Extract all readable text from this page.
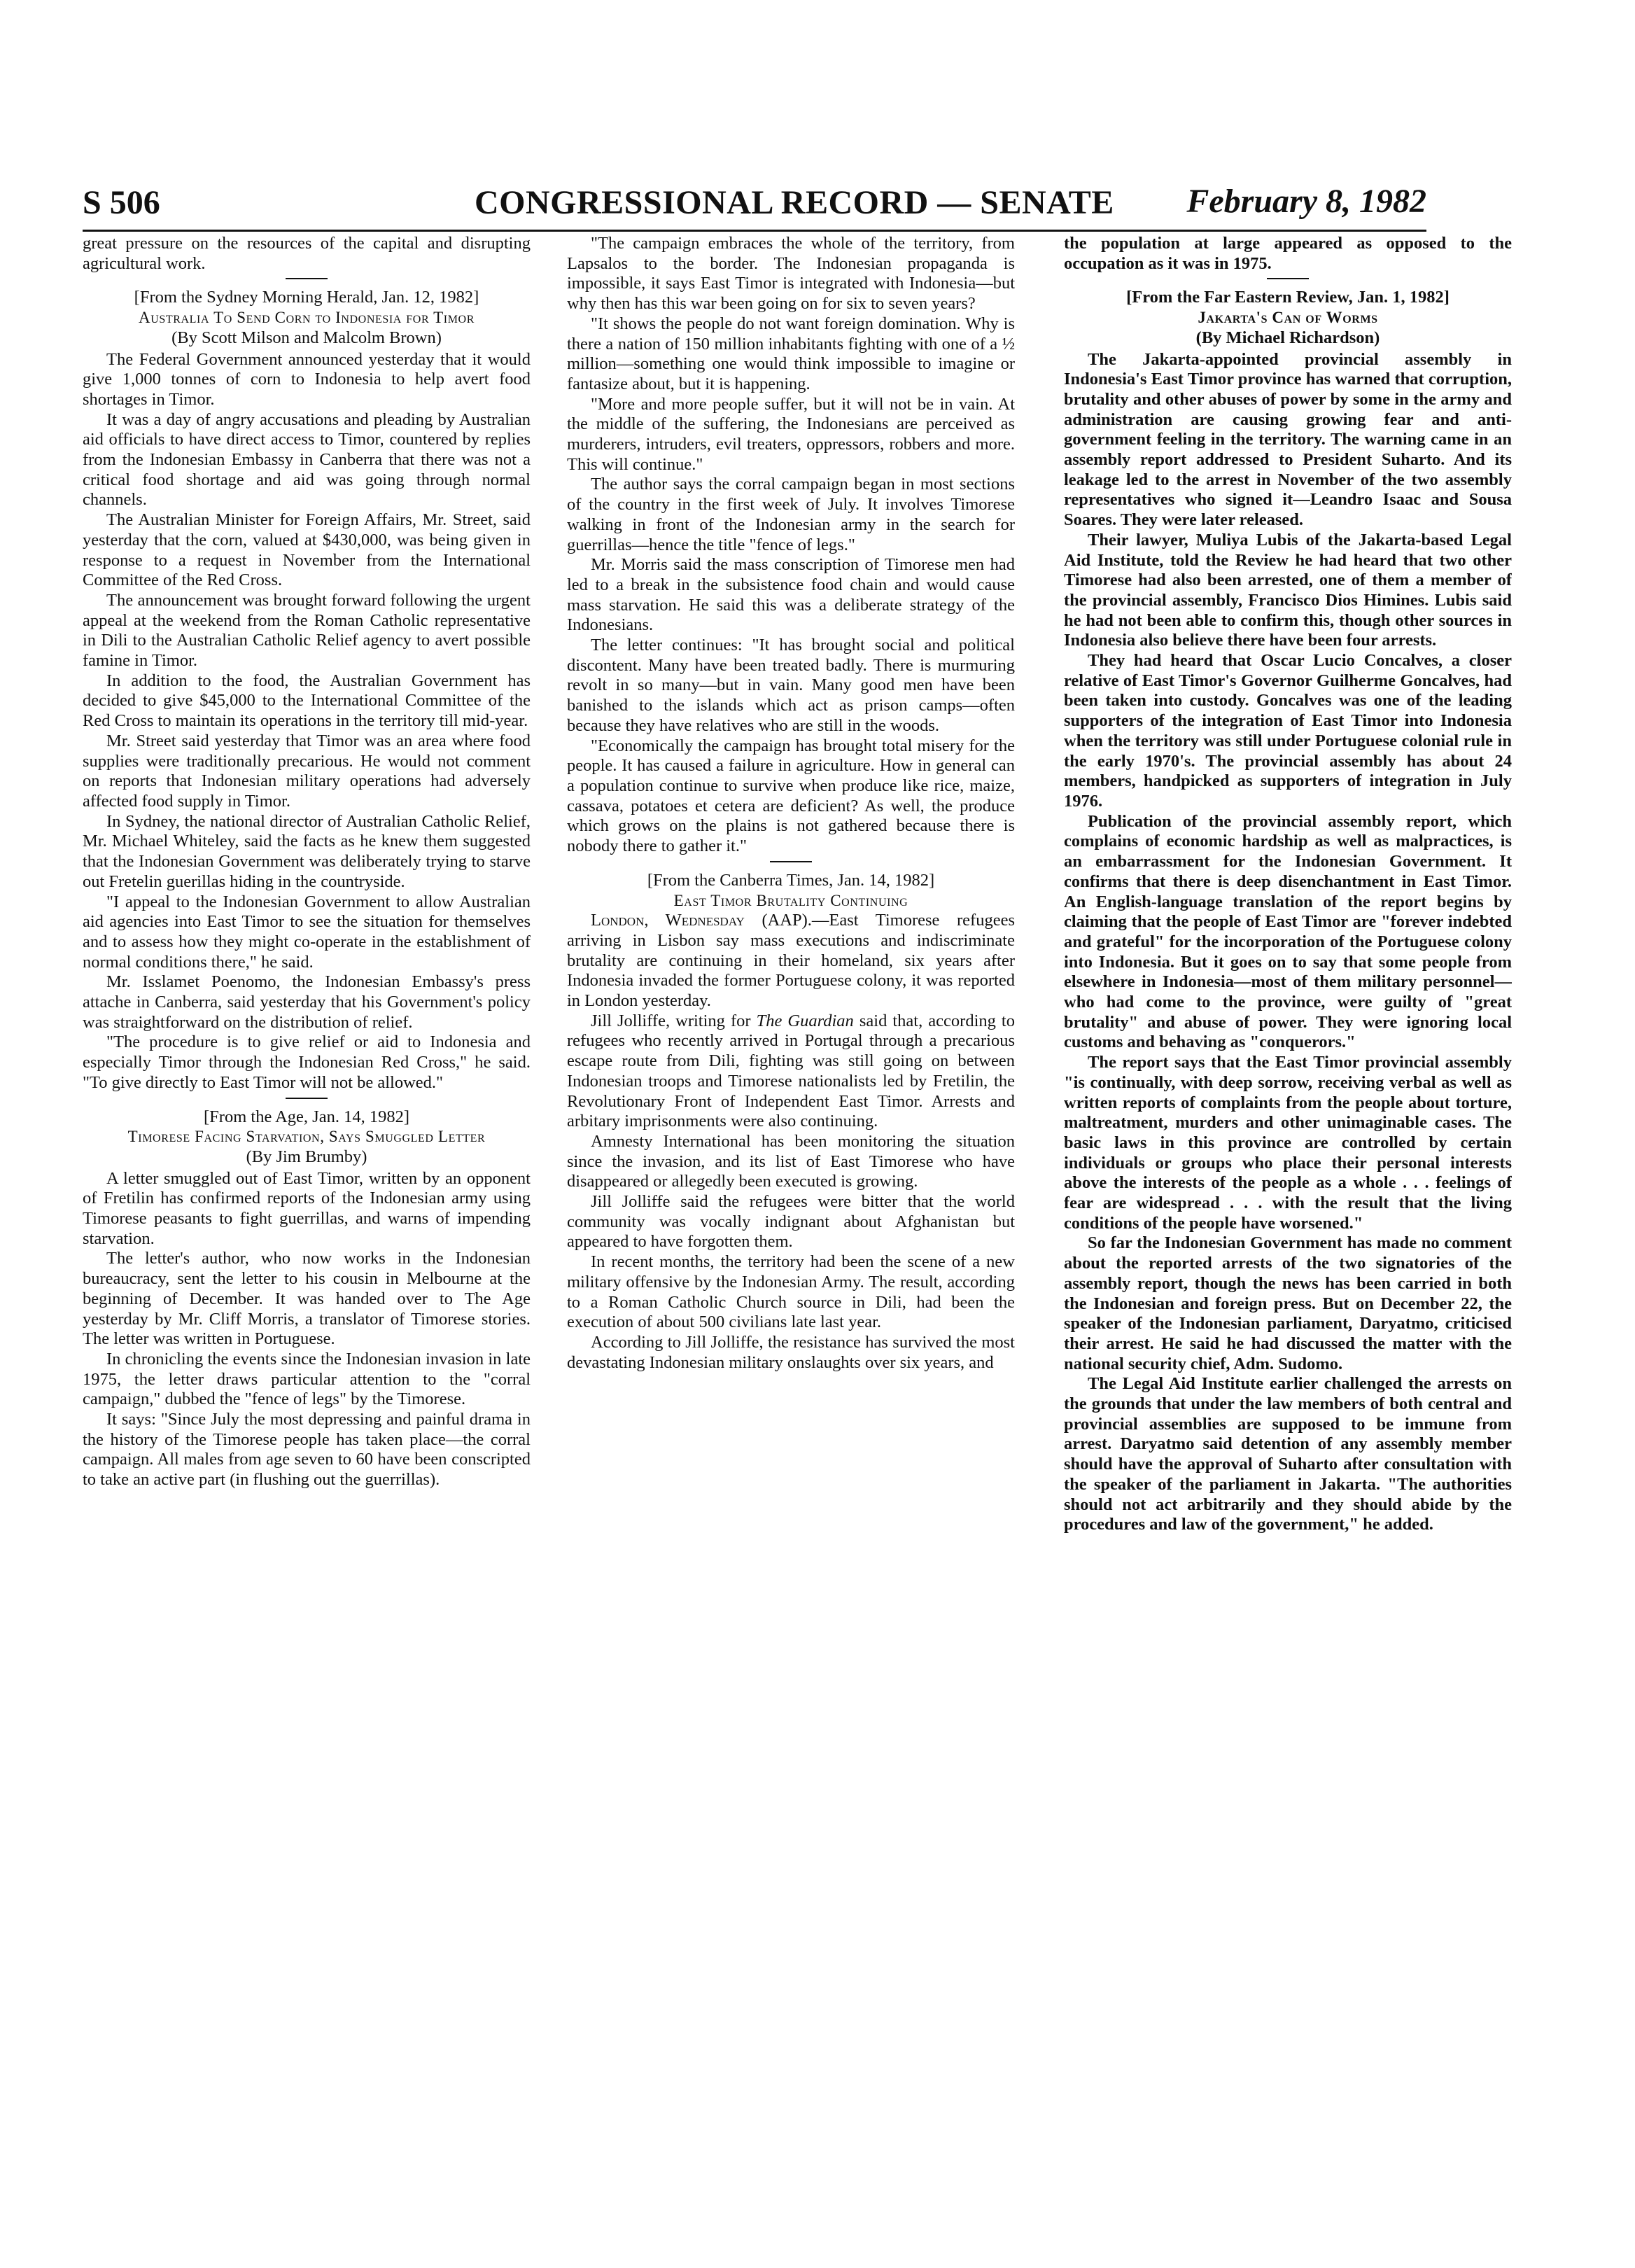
S 506	CONGRESSIONAL RECORD — SENATE February 8, 1982

great pressure on the resources of the capital and disrupting agricultural work.

[From the Sydney Morning Herald, Jan. 12, 1982]

Australia To Send Corn to Indonesia for Timor

(By Scott Milson and Malcolm Brown)

The Federal Government announced yesterday that it would give 1,000 tonnes of corn to Indonesia to help avert food shortages in Timor.

It was a day of angry accusations and pleading by Australian aid officials to have direct access to Timor, countered by replies from the Indonesian Embassy in Canberra that there was not a critical food shortage and aid was going through normal channels.

The Australian Minister for Foreign Affairs, Mr. Street, said yesterday that the corn, valued at $430,000, was being given in response to a request in November from the International Committee of the Red Cross.

The announcement was brought forward following the urgent appeal at the weekend from the Roman Catholic representative in Dili to the Australian Catholic Relief agency to avert possible famine in Timor.

In addition to the food, the Australian Government has decided to give $45,000 to the International Committee of the Red Cross to maintain its operations in the territory till mid-year.

Mr. Street said yesterday that Timor was an area where food supplies were traditionally precarious. He would not comment on reports that Indonesian military operations had adversely affected food supply in Timor.

In Sydney, the national director of Australian Catholic Relief, Mr. Michael Whiteley, said the facts as he knew them suggested that the Indonesian Government was deliberately trying to starve out Fretelin guerillas hiding in the countryside.

"I appeal to the Indonesian Government to allow Australian aid agencies into East Timor to see the situation for themselves and to assess how they might co-operate in the establishment of normal conditions there," he said.

Mr. Isslamet Poenomo, the Indonesian Embassy's press attache in Canberra, said yesterday that his Government's policy was straightforward on the distribution of relief.

"The procedure is to give relief or aid to Indonesia and especially Timor through the Indonesian Red Cross," he said. "To give directly to East Timor will not be allowed."

[From the Age, Jan. 14, 1982]

Timorese Facing Starvation, Says Smuggled Letter

(By Jim Brumby)

A letter smuggled out of East Timor, written by an opponent of Fretilin has confirmed reports of the Indonesian army using Timorese peasants to fight guerrillas, and warns of impending starvation.

The letter's author, who now works in the Indonesian bureaucracy, sent the letter to his cousin in Melbourne at the beginning of December. It was handed over to The Age yesterday by Mr. Cliff Morris, a translator of Timorese stories. The letter was written in Portuguese.

In chronicling the events since the Indonesian invasion in late 1975, the letter draws particular attention to the "corral campaign," dubbed the "fence of legs" by the Timorese.

It says: "Since July the most depressing and painful drama in the history of the Timorese people has taken place—the corral campaign. All males from age seven to 60 have been conscripted to take an active part (in flushing out the guerrillas).

"The campaign embraces the whole of the territory, from Lapsalos to the border. The Indonesian propaganda is impossible, it says East Timor is integrated with Indonesia—but why then has this war been going on for six to seven years?

"It shows the people do not want foreign domination. Why is there a nation of 150 million inhabitants fighting with one of a ½ million—something one would think impossible to imagine or fantasize about, but it is happening.

"More and more people suffer, but it will not be in vain. At the middle of the suffering, the Indonesians are perceived as murderers, intruders, evil treaters, oppressors, robbers and more. This will continue."

The author says the corral campaign began in most sections of the country in the first week of July. It involves Timorese walking in front of the Indonesian army in the search for guerrillas—hence the title "fence of legs."

Mr. Morris said the mass conscription of Timorese men had led to a break in the subsistence food chain and would cause mass starvation. He said this was a deliberate strategy of the Indonesians.

The letter continues: "It has brought social and political discontent. Many have been treated badly. There is murmuring revolt in so many—but in vain. Many good men have been banished to the islands which act as prison camps—often because they have relatives who are still in the woods.

"Economically the campaign has brought total misery for the people. It has caused a failure in agriculture. How in general can a population continue to survive when produce like rice, maize, cassava, potatoes et cetera are deficient? As well, the produce which grows on the plains is not gathered because there is nobody there to gather it."

[From the Canberra Times, Jan. 14, 1982]

East Timor Brutality Continuing

London, Wednesday (AAP).—East Timorese refugees arriving in Lisbon say mass executions and indiscriminate brutality are continuing in their homeland, six years after Indonesia invaded the former Portuguese colony, it was reported in London yesterday.

Jill Jolliffe, writing for The Guardian said that, according to refugees who recently arrived in Portugal through a precarious escape route from Dili, fighting was still going on between Indonesian troops and Timorese nationalists led by Fretilin, the Revolutionary Front of Independent East Timor. Arrests and arbitary imprisonments were also continuing.

Amnesty International has been monitoring the situation since the invasion, and its list of East Timorese who have disappeared or allegedly been executed is growing.

Jill Jolliffe said the refugees were bitter that the world community was vocally indignant about Afghanistan but appeared to have forgotten them.

In recent months, the territory had been the scene of a new military offensive by the Indonesian Army. The result, according to a Roman Catholic Church source in Dili, had been the execution of about 500 civilians late last year.

According to Jill Jolliffe, the resistance has survived the most devastating Indonesian military onslaughts over six years, and

the population at large appeared as opposed to the occupation as it was in 1975.

[From the Far Eastern Review, Jan. 1, 1982]

Jakarta's Can of Worms

(By Michael Richardson)

The Jakarta-appointed provincial assembly in Indonesia's East Timor province has warned that corruption, brutality and other abuses of power by some in the army and administration are causing growing fear and anti-government feeling in the territory. The warning came in an assembly report addressed to President Suharto. And its leakage led to the arrest in November of the two assembly representatives who signed it—Leandro Isaac and Sousa Soares. They were later released.

Their lawyer, Muliya Lubis of the Jakarta-based Legal Aid Institute, told the Review he had heard that two other Timorese had also been arrested, one of them a member of the provincial assembly, Francisco Dios Himines. Lubis said he had not been able to confirm this, though other sources in Indonesia also believe there have been four arrests.

They had heard that Oscar Lucio Concalves, a closer relative of East Timor's Governor Guilherme Goncalves, had been taken into custody. Goncalves was one of the leading supporters of the integration of East Timor into Indonesia when the territory was still under Portuguese colonial rule in the early 1970's. The provincial assembly has about 24 members, handpicked as supporters of integration in July 1976.

Publication of the provincial assembly report, which complains of economic hardship as well as malpractices, is an embarrassment for the Indonesian Government. It confirms that there is deep disenchantment in East Timor. An English-language translation of the report begins by claiming that the people of East Timor are "forever indebted and grateful" for the incorporation of the Portuguese colony into Indonesia. But it goes on to say that some people from elsewhere in Indonesia—most of them military personnel—who had come to the province, were guilty of "great brutality" and abuse of power. They were ignoring local customs and behaving as "conquerors."

The report says that the East Timor provincial assembly "is continually, with deep sorrow, receiving verbal as well as written reports of complaints from the people about torture, maltreatment, murders and other unimaginable cases. The basic laws in this province are controlled by certain individuals or groups who place their personal interests above the interests of the people as a whole . . . feelings of fear are widespread . . . with the result that the living conditions of the people have worsened."

So far the Indonesian Government has made no comment about the reported arrests of the two signatories of the assembly report, though the news has been carried in both the Indonesian and foreign press. But on December 22, the speaker of the Indonesian parliament, Daryatmo, criticised their arrest. He said he had discussed the matter with the national security chief, Adm. Sudomo.

The Legal Aid Institute earlier challenged the arrests on the grounds that under the law members of both central and provincial assemblies are supposed to be immune from arrest. Daryatmo said detention of any assembly member should have the approval of Suharto after consultation with the speaker of the parliament in Jakarta. "The authorities should not act arbitrarily and they should abide by the procedures and law of the government," he added.
